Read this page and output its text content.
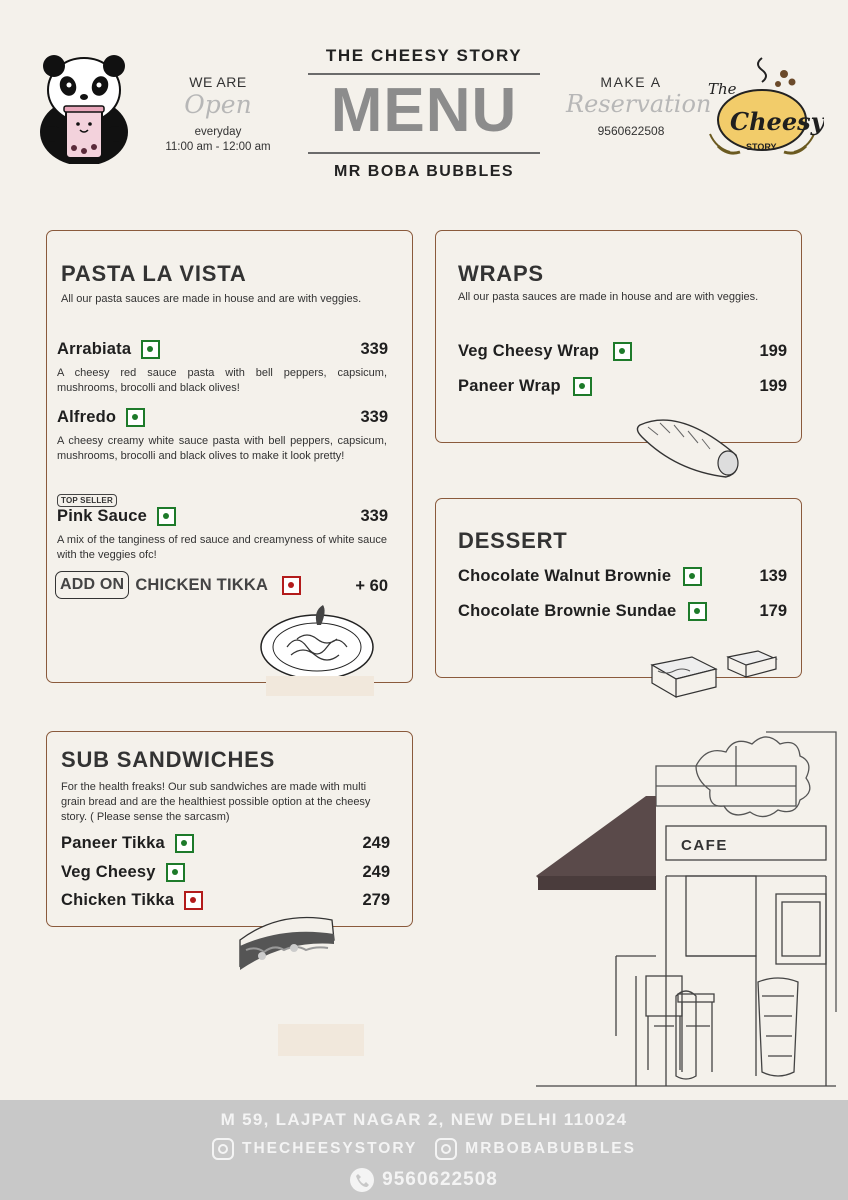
WE ARE
Open
everyday
11:00 am - 12:00 am
THE CHEESY STORY
MENU
MR BOBA BUBBLES
MAKE A
Reservation
9560622508
The
Cheesy
STORY
PASTA LA VISTA
All our pasta sauces are made in house and are with veggies.
Arrabiata	339
A cheesy red sauce pasta with bell peppers, capsicum, mushrooms, brocolli and black olives!
Alfredo	339
A cheesy creamy white sauce pasta with bell peppers, capsicum, mushrooms, brocolli and black olives to make it look pretty!
TOP SELLER
Pink Sauce	339
A mix of the tanginess of red sauce and creamyness of white sauce with the veggies ofc!
ADD ON CHICKEN TIKKA	+ 60
WRAPS
All our pasta sauces are made in house and are with veggies.
Veg Cheesy Wrap	199
Paneer Wrap	199
DESSERT
Chocolate Walnut Brownie	139
Chocolate Brownie Sundae	179
SUB SANDWICHES
For the health freaks! Our sub sandwiches are made with multi grain bread and are the healthiest possible option at the cheesy story. ( Please sense the sarcasm)
Paneer Tikka	249
Veg Cheesy	249
Chicken Tikka	279
CAFE
M 59, LAJPAT NAGAR 2, NEW DELHI 110024
THECHEESYSTORY	MRBOBABUBBLES
9560622508
